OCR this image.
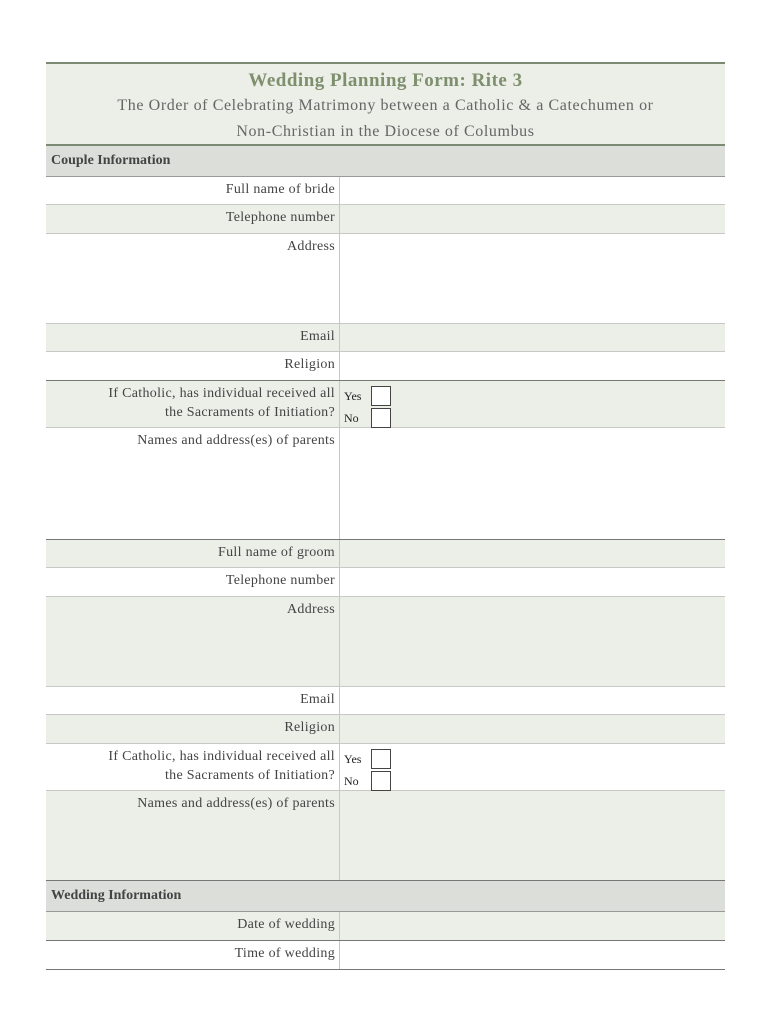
Wedding Planning Form: Rite 3
The Order of Celebrating Matrimony between a Catholic & a Catechumen or
Non-Christian in the Diocese of Columbus
Couple Information
Full name of bride
Telephone number
Address
Email
Religion
If Catholic, has individual received all
the Sacraments of Initiation?
Yes
No
Names and address(es) of parents
Full name of groom
Telephone number
Address
Email
Religion
If Catholic, has individual received all
the Sacraments of Initiation?
Yes
No
Names and address(es) of parents
Wedding Information
Date of wedding
Time of wedding
